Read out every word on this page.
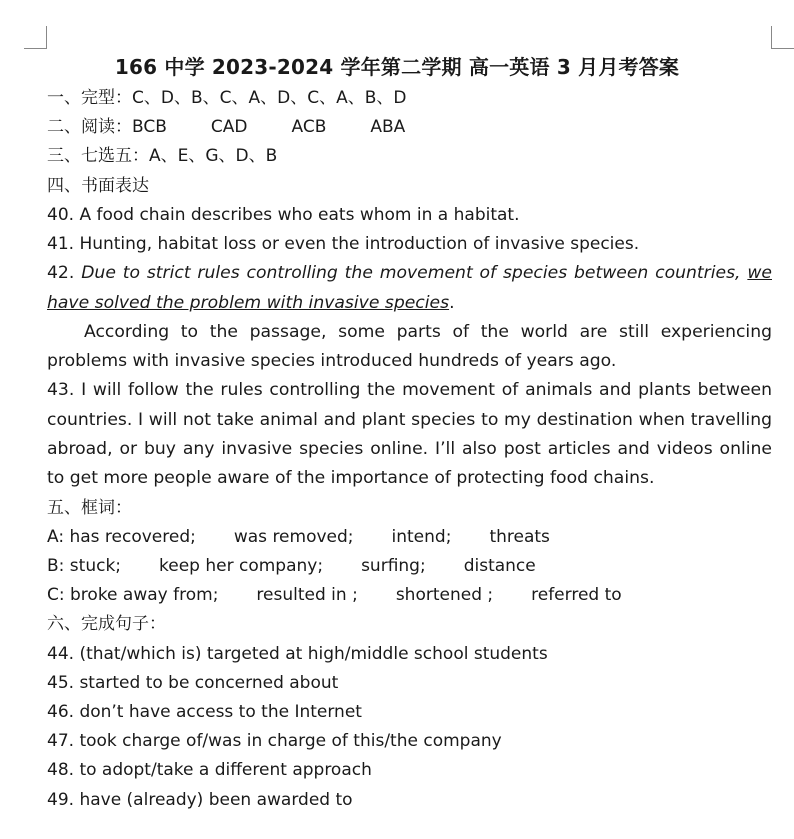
166 中学 2023-2024 学年第二学期 高一英语 3 月月考答案
一、完型：C、D、B、C、A、D、C、A、B、D
二、阅读：BCB	CAD	ACB	ABA
三、七选五：A、E、G、D、B
四、书面表达
40. A food chain describes who eats whom in a habitat.
41. Hunting, habitat loss or even the introduction of invasive species.
42. Due to strict rules controlling the movement of species between countries, we have solved the problem with invasive species.
According to the passage, some parts of the world are still experiencing problems with invasive species introduced hundreds of years ago.
43. I will follow the rules controlling the movement of animals and plants between countries. I will not take animal and plant species to my destination when travelling abroad, or buy any invasive species online. I’ll also post articles and videos online to get more people aware of the importance of protecting food chains.
五、框词：
A: has recovered; was removed; intend; threats
B: stuck; keep her company; surfing; distance
C: broke away from; resulted in ; shortened ; referred to
六、完成句子：
44. (that/which is) targeted at high/middle school students
45. started to be concerned about
46. don’t have access to the Internet
47. took charge of/was in charge of this/the company
48. to adopt/take a different approach
49. have (already) been awarded to
